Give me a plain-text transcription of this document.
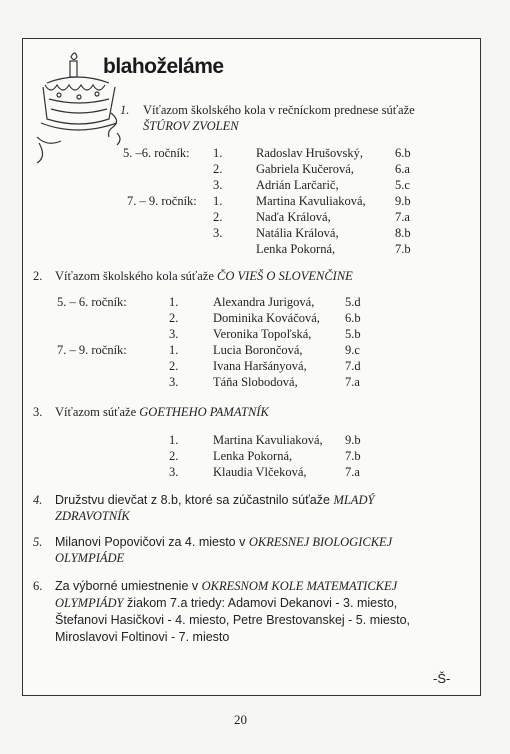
blahoželáme
1. Víťazom školského kola v rečníckom prednese súťaže
ŠTÚROV ZVOLEN
5. –6. ročník: 1.	Radoslav Hrušovský,	6.b
2.	Gabriela Kučerová,	6.a
3.	Adrián Larčarič,	5.c
7. – 9. ročník: 1.	Martina Kavuliaková, 9.b
2.	Naďa Králová,	7.a
3.	Natália Králová,	8.b
Lenka Pokorná,	7.b
2. Víťazom školského kola súťaže ČO VIEŠ O SLOVENČINE
5. – 6. ročník:	1.	Alexandra Jurigová, 5.d
2.	Dominika Kováčová, 6.b
3.	Veronika Topoľská,	5.b
7. – 9. ročník:	1.	Lucia Borončová,	9.c
2.	Ivana Haršányová,	7.d
3.	Táňa Slobodová,	7.a
3. Víťazom súťaže GOETHEHO PAMATNÍK
1.	Martina Kavuliaková, 9.b
2.	Lenka Pokorná,	7.b
3.	Klaudia Vlčeková,	7.a
4. Družstvu dievčat z 8.b, ktoré sa zúčastnilo súťaže MLADÝ
ZDRAVOTNÍK
5. Milanovi Popovičovi za 4. miesto v OKRESNEJ BIOLOGICKEJ
OLYMPIÁDE
6. Za výborné umiestnenie v OKRESNOM KOLE MATEMATICKEJ
OLYMPIÁDY žiakom 7.a triedy: Adamovi Dekanovi - 3. miesto,
Štefanovi Hasičkovi - 4. miesto, Petre Brestovanskej - 5. miesto,
Miroslavovi Foltinovi - 7. miesto
-Š-
20
